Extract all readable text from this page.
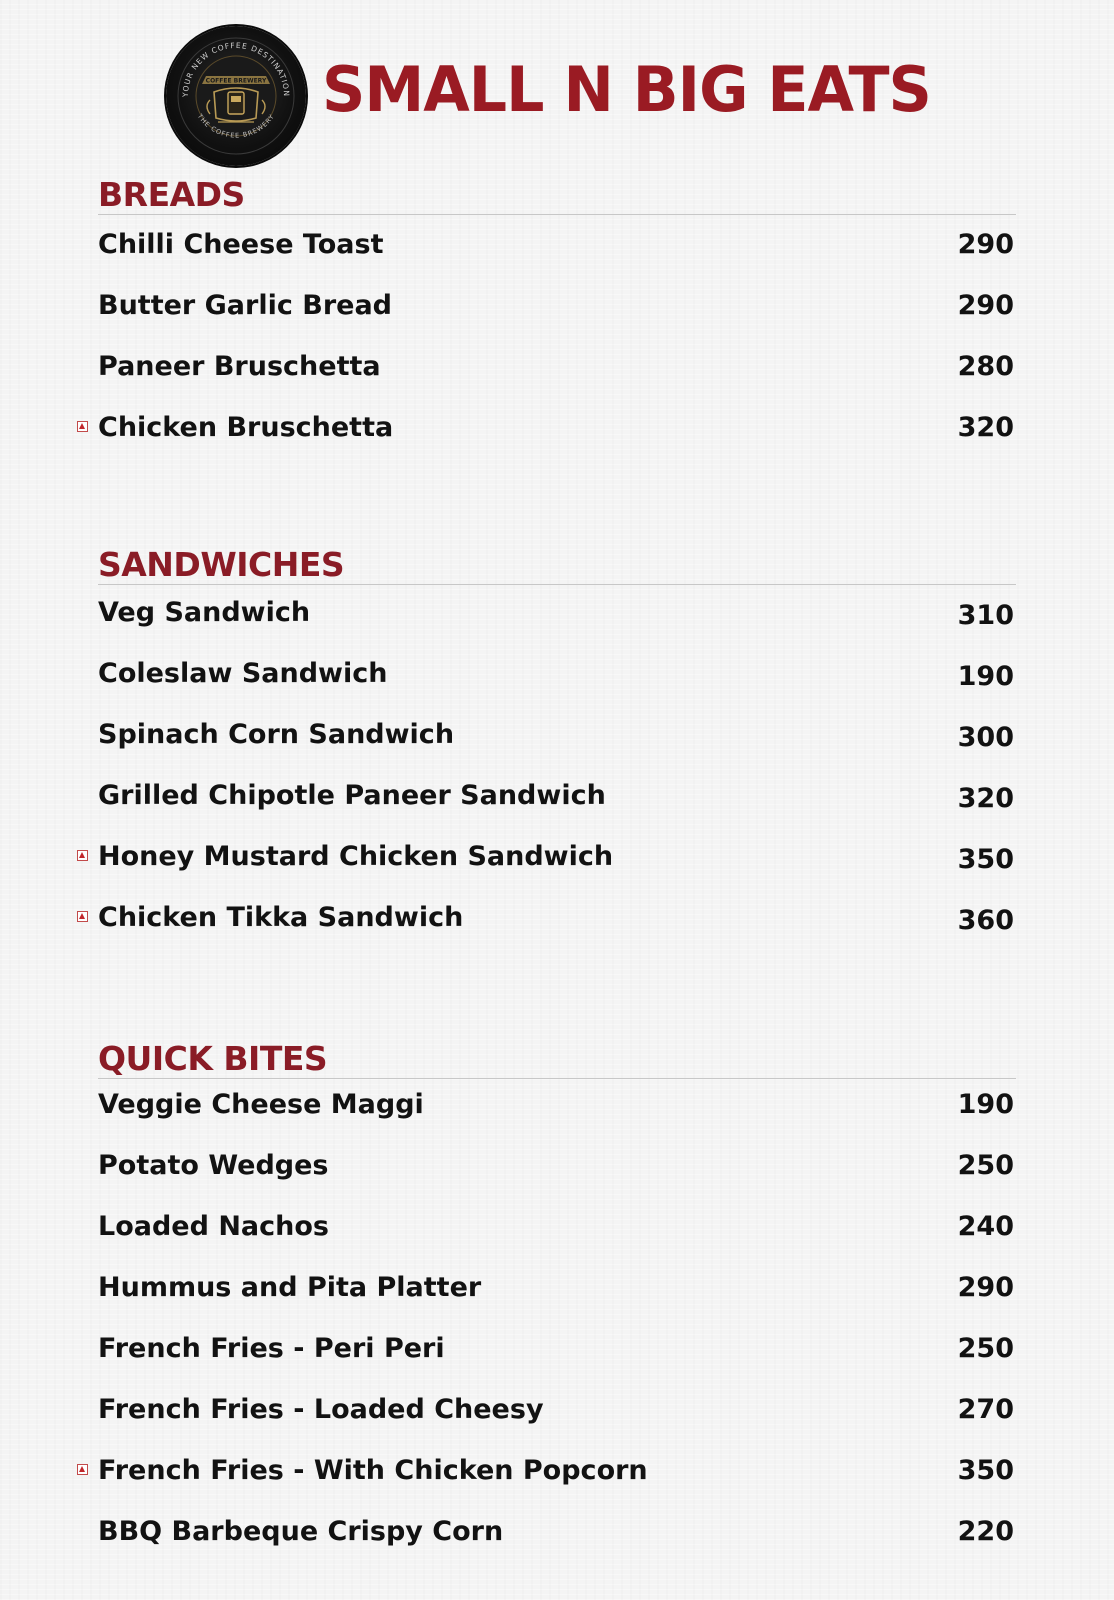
YOUR NEW COFFEE DESTINATION
THE COFFEE BREWERY
COFFEE BREWERY SMALL N BIG EATS
BREADS
Chilli Cheese Toast	290
Butter Garlic Bread	290
Paneer Bruschetta	280
Chicken Bruschetta	320
SANDWICHES
Veg Sandwich	310
Coleslaw Sandwich	190
Spinach Corn Sandwich	300
Grilled Chipotle Paneer Sandwich	320
Honey Mustard Chicken Sandwich	350
Chicken Tikka Sandwich	360
QUICK BITES
Veggie Cheese Maggi	190
Potato Wedges	250
Loaded Nachos	240
Hummus and Pita Platter	290
French Fries - Peri Peri	250
French Fries - Loaded Cheesy	270
French Fries - With Chicken Popcorn	350
BBQ Barbeque Crispy Corn	220
